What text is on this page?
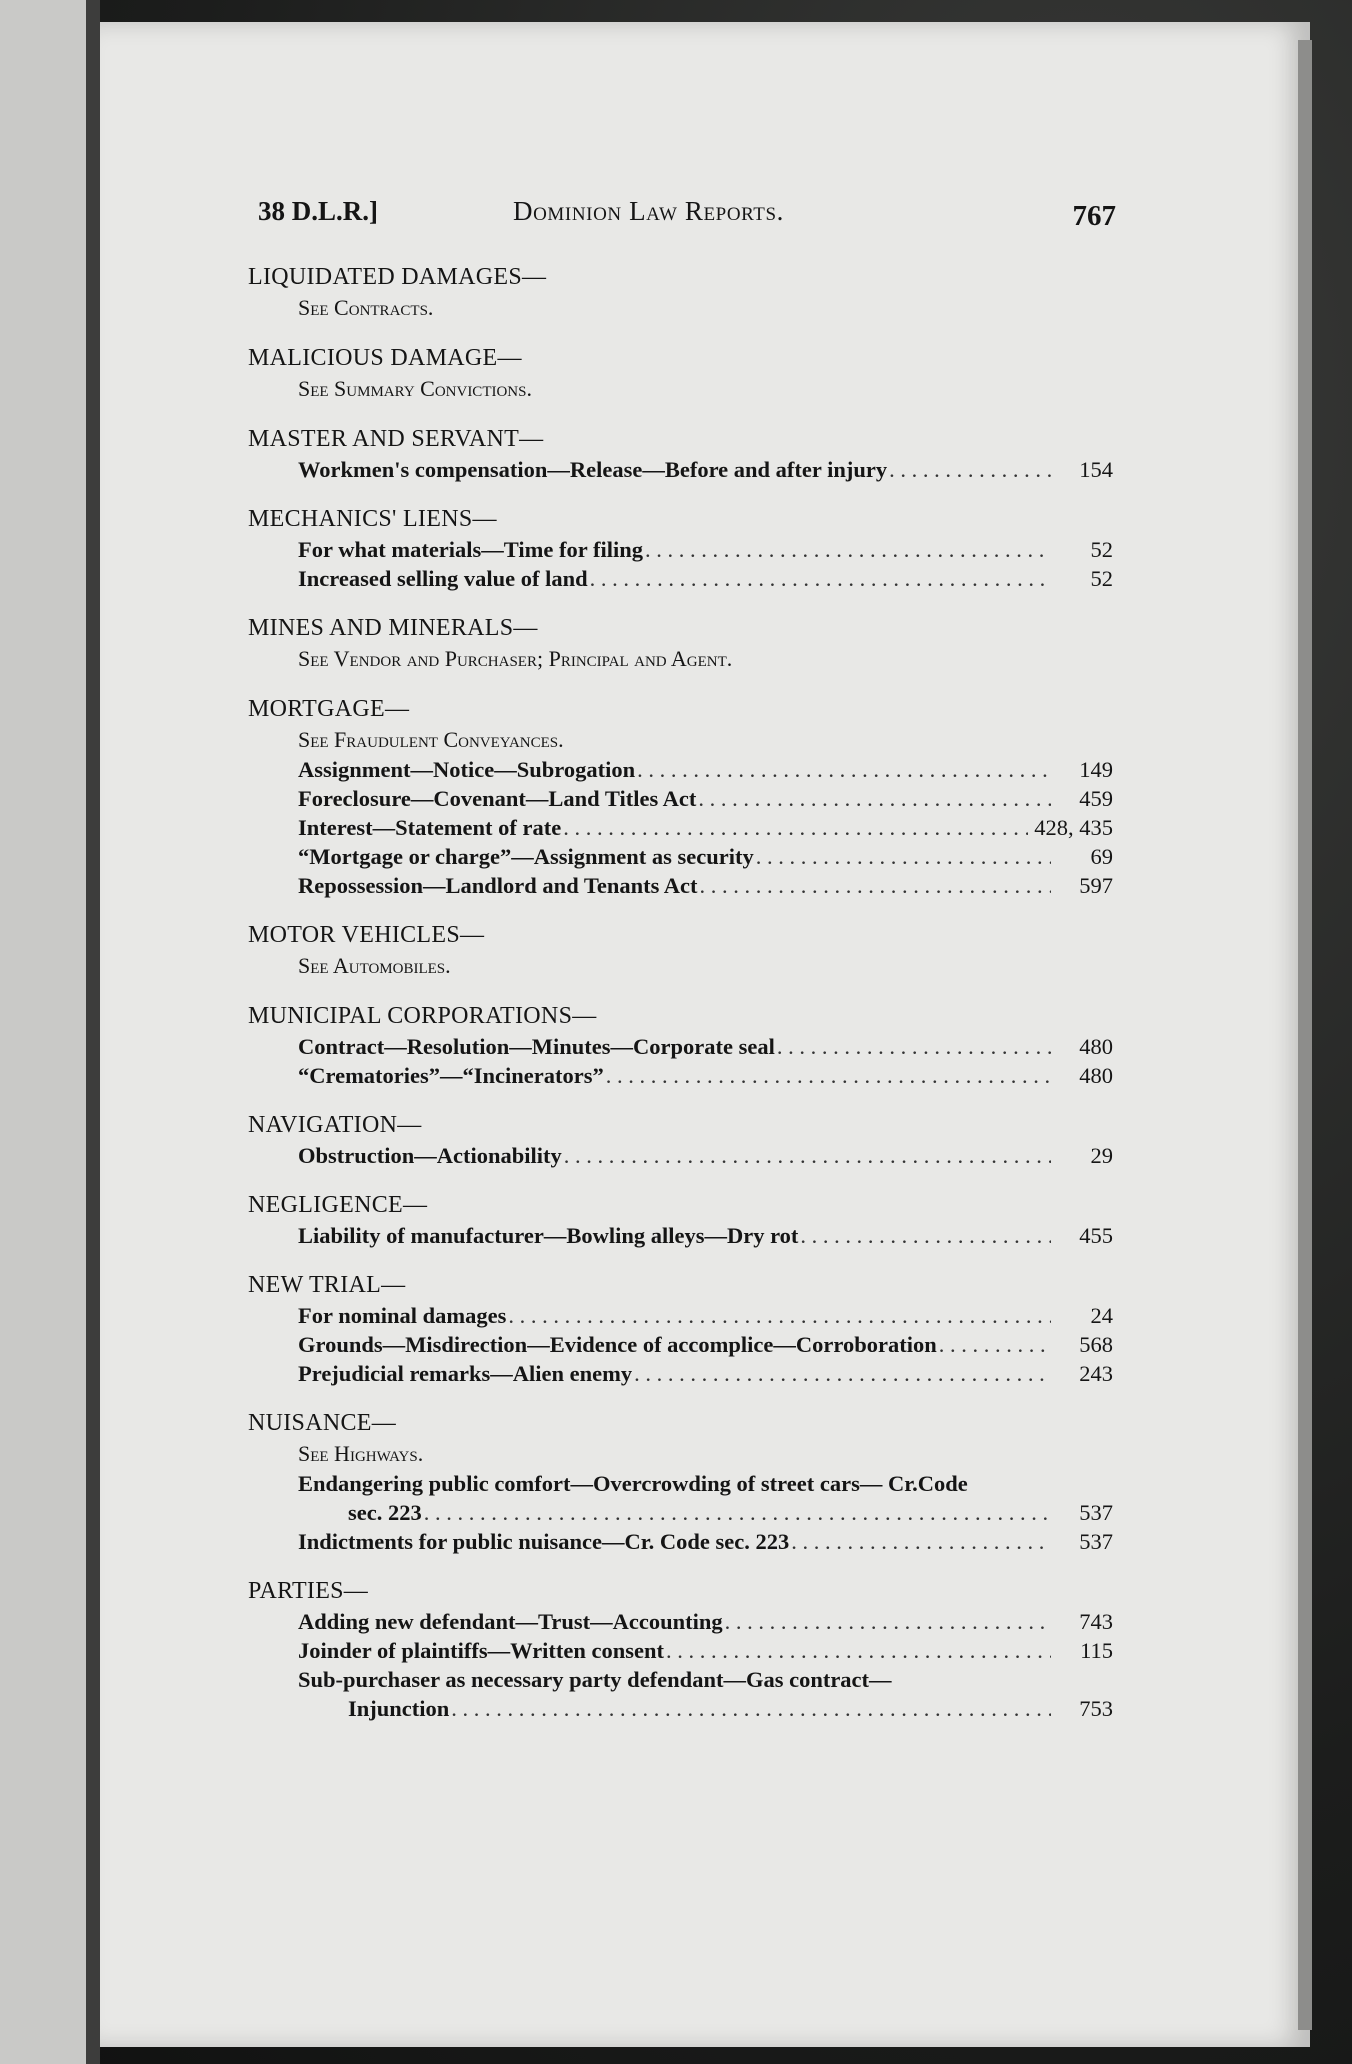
38 D.L.R.]	Dominion Law Reports.	767
LIQUIDATED DAMAGES—
See Contracts.
MALICIOUS DAMAGE—
See Summary Convictions.
MASTER AND SERVANT—
Workmen's compensation—Release—Before and after injury . . .	154
MECHANICS' LIENS—
For what materials—Time for filing . . .	52
Increased selling value of land . . .	52
MINES AND MINERALS—
See Vendor and Purchaser; Principal and Agent.
MORTGAGE—
See Fraudulent Conveyances.
Assignment—Notice—Subrogation . . .	149
Foreclosure—Covenant—Land Titles Act . . .	459
Interest—Statement of rate . . .	428, 435
“Mortgage or charge”—Assignment as security . . .	69
Repossession—Landlord and Tenants Act . . .	597
MOTOR VEHICLES—
See Automobiles.
MUNICIPAL CORPORATIONS—
Contract—Resolution—Minutes—Corporate seal . . .	480
“Crematories”—“Incinerators” . . .	480
NAVIGATION—
Obstruction—Actionability . . .	29
NEGLIGENCE—
Liability of manufacturer—Bowling alleys—Dry rot . . .	455
NEW TRIAL—
For nominal damages . . .	24
Grounds—Misdirection—Evidence of accomplice—Corroboration . . .	568
Prejudicial remarks—Alien enemy . . .	243
NUISANCE—
See Highways.
Endangering public comfort—Overcrowding of street cars— Cr.Code
sec. 223 . . .	537
Indictments for public nuisance—Cr. Code sec. 223 . . .	537
PARTIES—
Adding new defendant—Trust—Accounting . . .	743
Joinder of plaintiffs—Written consent . . .	115
Sub-purchaser as necessary party defendant—Gas contract—
Injunction . . .	753
